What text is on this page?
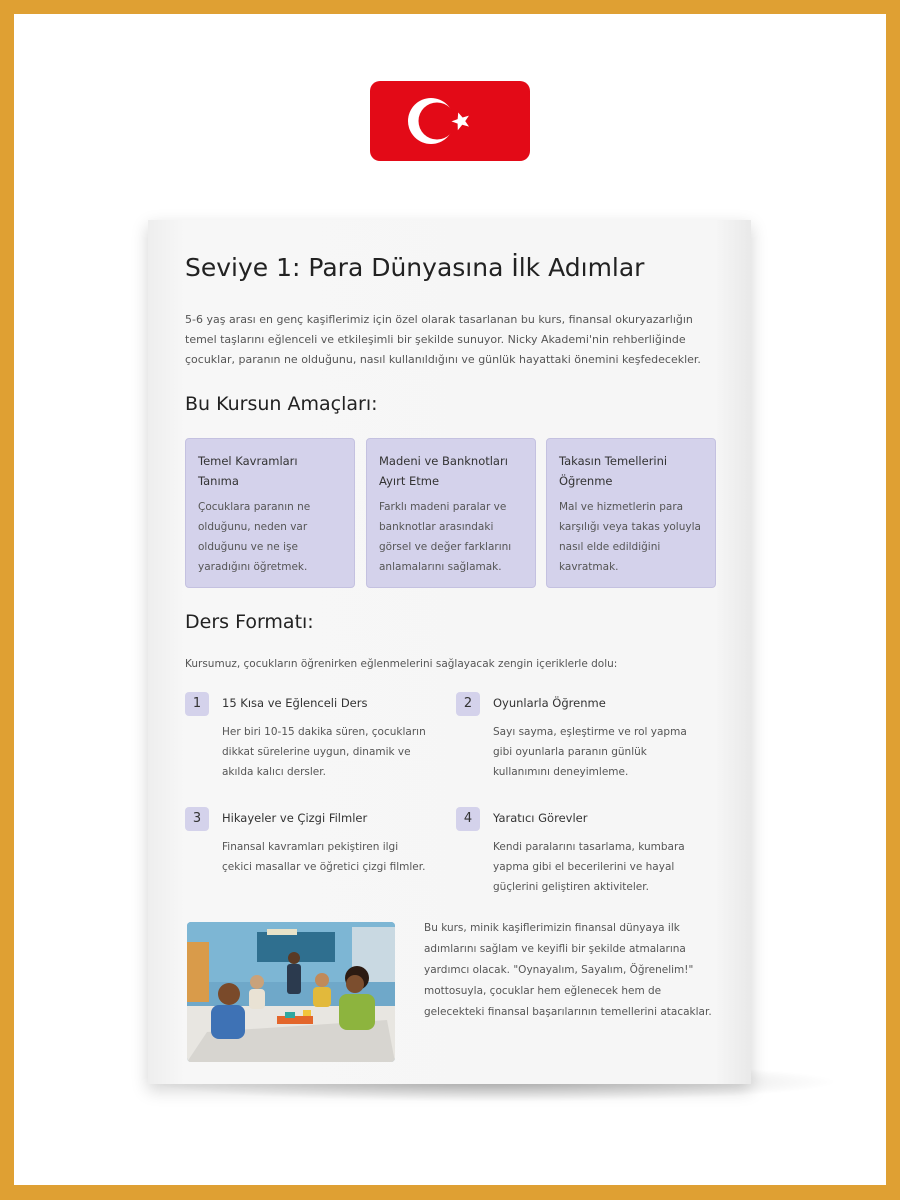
Seviye 1: Para Dünyasına İlk Adımlar
5-6 yaş arası en genç kaşiflerimiz için özel olarak tasarlanan bu kurs, finansal okuryazarlığın temel taşlarını eğlenceli ve etkileşimli bir şekilde sunuyor. Nicky Akademi'nin rehberliğinde çocuklar, paranın ne olduğunu, nasıl kullanıldığını ve günlük hayattaki önemini keşfedecekler.
Bu Kursun Amaçları:
Temel Kavramları Tanıma
Çocuklara paranın ne olduğunu, neden var olduğunu ve ne işe yaradığını öğretmek.
Madeni ve Banknotları Ayırt Etme
Farklı madeni paralar ve banknotlar arasındaki görsel ve değer farklarını anlamalarını sağlamak.
Takasın Temellerini Öğrenme
Mal ve hizmetlerin para karşılığı veya takas yoluyla nasıl elde edildiğini kavratmak.
Ders Formatı:
Kursumuz, çocukların öğrenirken eğlenmelerini sağlayacak zengin içeriklerle dolu:
1	15 Kısa ve Eğlenceli Ders
Her biri 10-15 dakika süren, çocukların dikkat sürelerine uygun, dinamik ve akılda kalıcı dersler.
2	Oyunlarla Öğrenme
Sayı sayma, eşleştirme ve rol yapma gibi oyunlarla paranın günlük kullanımını deneyimleme.
3	Hikayeler ve Çizgi Filmler
Finansal kavramları pekiştiren ilgi çekici masallar ve öğretici çizgi filmler.
4	Yaratıcı Görevler
Kendi paralarını tasarlama, kumbara yapma gibi el becerilerini ve hayal güçlerini geliştiren aktiviteler.
Bu kurs, minik kaşiflerimizin finansal dünyaya ilk adımlarını sağlam ve keyifli bir şekilde atmalarına yardımcı olacak. "Oynayalım, Sayalım, Öğrenelim!" mottosuyla, çocuklar hem eğlenecek hem de gelecekteki finansal başarılarının temellerini atacaklar.
